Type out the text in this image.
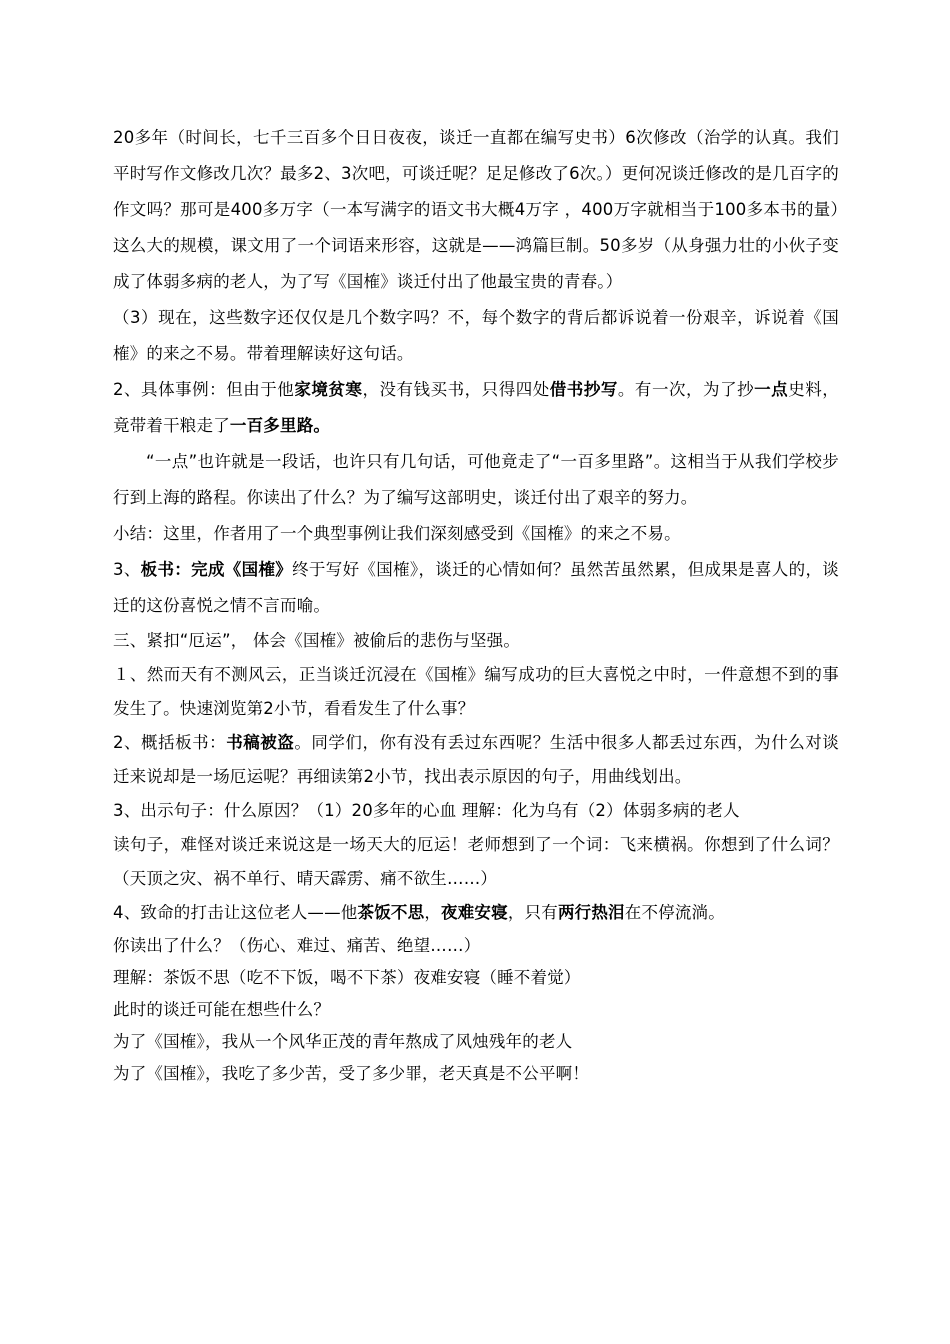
20多年（时间长，七千三百多个日日夜夜，谈迁一直都在编写史书）6次修改（治学的认真。我们平时写作文修改几次？最多2、3次吧，可谈迁呢？足足修改了6次。）更何况谈迁修改的是几百字的作文吗？那可是400多万字（一本写满字的语文书大概4万字 ，400万字就相当于100多本书的量）这么大的规模，课文用了一个词语来形容，这就是——鸿篇巨制。50多岁（从身强力壮的小伙子变成了体弱多病的老人，为了写《国榷》谈迁付出了他最宝贵的青春。）

（3）现在，这些数字还仅仅是几个数字吗？不，每个数字的背后都诉说着一份艰辛，诉说着《国榷》的来之不易。带着理解读好这句话。

2、具体事例：但由于他家境贫寒，没有钱买书，只得四处借书抄写。有一次，为了抄一点史料，竟带着干粮走了一百多里路。

“一点”也许就是一段话，也许只有几句话，可他竟走了“一百多里路”。这相当于从我们学校步行到上海的路程。你读出了什么？为了编写这部明史，谈迁付出了艰辛的努力。

小结：这里，作者用了一个典型事例让我们深刻感受到《国榷》的来之不易。

3、板书：完成《国榷》终于写好《国榷》，谈迁的心情如何？虽然苦虽然累，但成果是喜人的，谈迁的这份喜悦之情不言而喻。

三、紧扣“厄运”， 体会《国榷》被偷后的悲伤与坚强。

１、然而天有不测风云，正当谈迁沉浸在《国榷》编写成功的巨大喜悦之中时，一件意想不到的事发生了。快速浏览第2小节，看看发生了什么事？

2、概括板书：书稿被盗。同学们，你有没有丢过东西呢？生活中很多人都丢过东西，为什么对谈迁来说却是一场厄运呢？再细读第2小节，找出表示原因的句子，用曲线划出。

3、出示句子：什么原因？（1）20多年的心血 理解：化为乌有（2）体弱多病的老人

读句子，难怪对谈迁来说这是一场天大的厄运！老师想到了一个词：飞来横祸。你想到了什么词？（天顶之灾、祸不单行、晴天霹雳、痛不欲生……）

4、致命的打击让这位老人——他茶饭不思，夜难安寝，只有两行热泪在不停流淌。

你读出了什么？（伤心、难过、痛苦、绝望……）

理解：茶饭不思（吃不下饭，喝不下茶）夜难安寝（睡不着觉）

此时的谈迁可能在想些什么？

为了《国榷》，我从一个风华正茂的青年熬成了风烛残年的老人

为了《国榷》，我吃了多少苦，受了多少罪，老天真是不公平啊！
